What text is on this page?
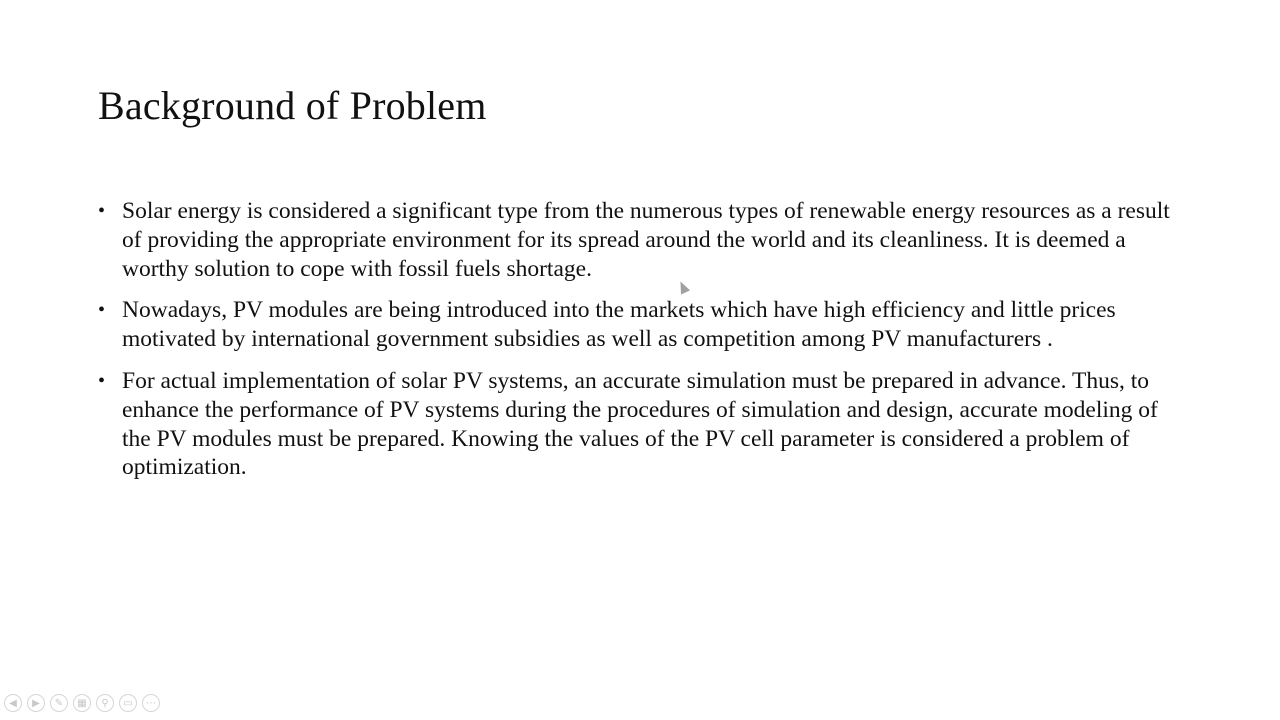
Background of Problem
• Solar energy is considered a significant type from the numerous types of renewable energy resources as a result of providing the appropriate environment for its spread around the world and its cleanliness. It is deemed a worthy solution to cope with fossil fuels shortage.
• Nowadays, PV modules are being introduced into the markets which have high efficiency and little prices motivated by international government subsidies as well as competition among PV manufacturers .
• For actual implementation of solar PV systems, an accurate simulation must be prepared in advance. Thus, to enhance the performance of PV systems during the procedures of simulation and design, accurate modeling of the PV modules must be prepared. Knowing the values of the PV cell parameter is considered a problem of optimization.
◀	▶	✎	▦	⚲	▭	⋯
